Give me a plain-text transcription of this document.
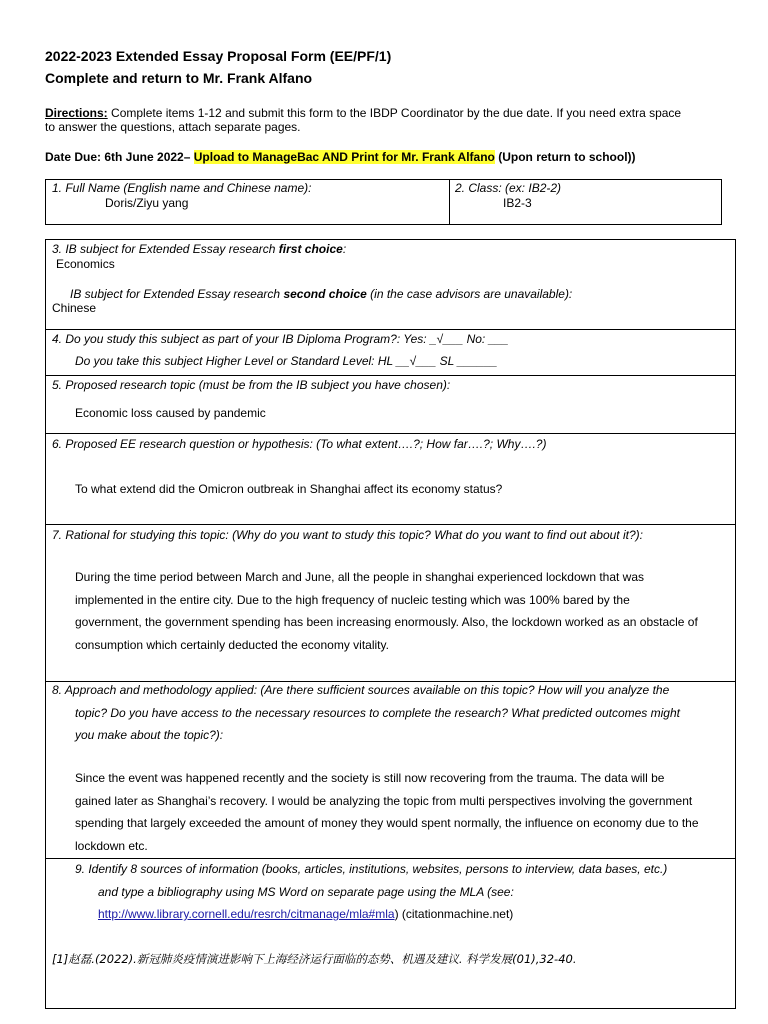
2022-2023 Extended Essay Proposal Form (EE/PF/1)
Complete and return to Mr. Frank Alfano
Directions: Complete items 1-12 and submit this form to the IBDP Coordinator by the due date. If you need extra space
to answer the questions, attach separate pages.
Date Due: 6th June 2022– Upload to ManageBac AND Print for Mr. Frank Alfano (Upon return to school))
1. Full Name (English name and Chinese name):
Doris/Ziyu yang
2. Class: (ex: IB2-2)
IB2-3
3. IB subject for Extended Essay research first choice:
Economics
IB subject for Extended Essay research second choice (in the case advisors are unavailable):
Chinese
4. Do you study this subject as part of your IB Diploma Program?: Yes: _√___ No: ___
Do you take this subject Higher Level or Standard Level: HL __√___ SL ______
5. Proposed research topic (must be from the IB subject you have chosen):
Economic loss caused by pandemic
6. Proposed EE research question or hypothesis: (To what extent….?; How far….?; Why….?)
To what extend did the Omicron outbreak in Shanghai affect its economy status?
7. Rational for studying this topic: (Why do you want to study this topic? What do you want to find out about it?):
During the time period between March and June, all the people in shanghai experienced lockdown that was
implemented in the entire city. Due to the high frequency of nucleic testing which was 100% bared by the
government, the government spending has been increasing enormously. Also, the lockdown worked as an obstacle of
consumption which certainly deducted the economy vitality.
8. Approach and methodology applied: (Are there sufficient sources available on this topic? How will you analyze the
topic? Do you have access to the necessary resources to complete the research? What predicted outcomes might
you make about the topic?):
Since the event was happened recently and the society is still now recovering from the trauma. The data will be
gained later as Shanghai’s recovery. I would be analyzing the topic from multi perspectives involving the government
spending that largely exceeded the amount of money they would spent normally, the influence on economy due to the
lockdown etc.
9. Identify 8 sources of information (books, articles, institutions, websites, persons to interview, data bases, etc.)
and type a bibliography using MS Word on separate page using the MLA (see:
http://www.library.cornell.edu/resrch/citmanage/mla#mla) (citationmachine.net)
[1]赵磊.(2022).新冠肺炎疫情演进影响下上海经济运行面临的态势、机遇及建议. 科学发展(01),32-40.
